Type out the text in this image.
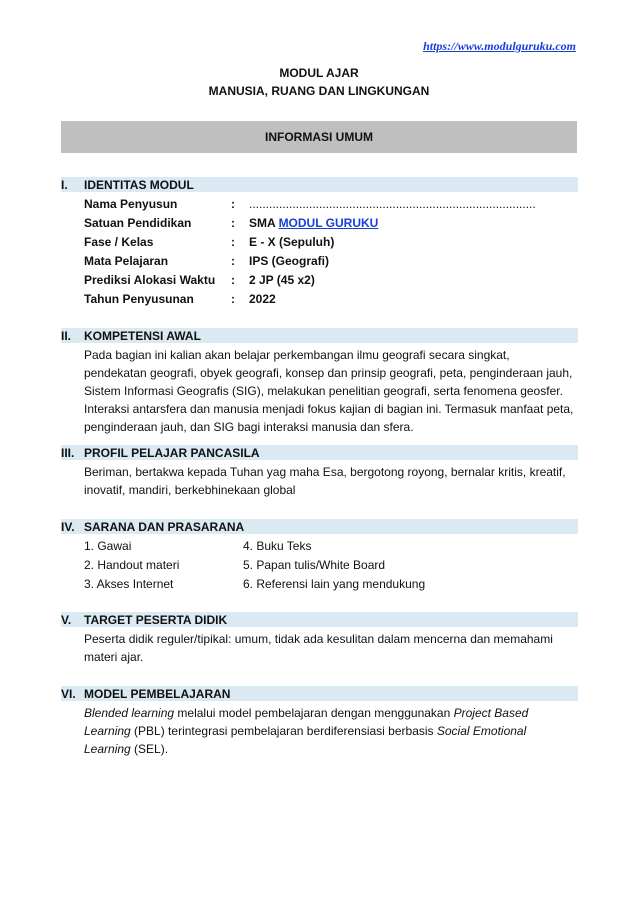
https://www.modulguruku.com
MODUL AJAR
MANUSIA, RUANG DAN LINGKUNGAN
INFORMASI UMUM
I.	IDENTITAS MODUL
Nama Penyusun	:	......................................................................................
Satuan Pendidikan	:	SMA MODUL GURUKU
Fase / Kelas	:	E - X (Sepuluh)
Mata Pelajaran	:	IPS (Geografi)
Prediksi Alokasi Waktu	:	2 JP (45 x2)
Tahun Penyusunan	:	2022
II.	KOMPETENSI AWAL
Pada bagian ini kalian akan belajar perkembangan ilmu geografi secara singkat, pendekatan geografi, obyek geografi, konsep dan prinsip geografi, peta, penginderaan jauh, Sistem Informasi Geografis (SIG), melakukan penelitian geografi, serta fenomena geosfer. Interaksi antarsfera dan manusia menjadi fokus kajian di bagian ini. Termasuk manfaat peta, penginderaan jauh, dan SIG bagi interaksi manusia dan sfera.
III. PROFIL PELAJAR PANCASILA
Beriman, bertakwa kepada Tuhan yag maha Esa, bergotong royong, bernalar kritis, kreatif, inovatif, mandiri, berkebhinekaan global
IV. SARANA DAN PRASARANA
1. Gawai	4. Buku Teks
2. Handout materi	5. Papan tulis/White Board
3. Akses Internet	6. Referensi lain yang mendukung
V.	TARGET PESERTA DIDIK
Peserta didik reguler/tipikal: umum, tidak ada kesulitan dalam mencerna dan memahami materi ajar.
VI. MODEL PEMBELAJARAN
Blended learning melalui model pembelajaran dengan menggunakan Project Based Learning (PBL) terintegrasi pembelajaran berdiferensiasi berbasis Social Emotional Learning (SEL).
